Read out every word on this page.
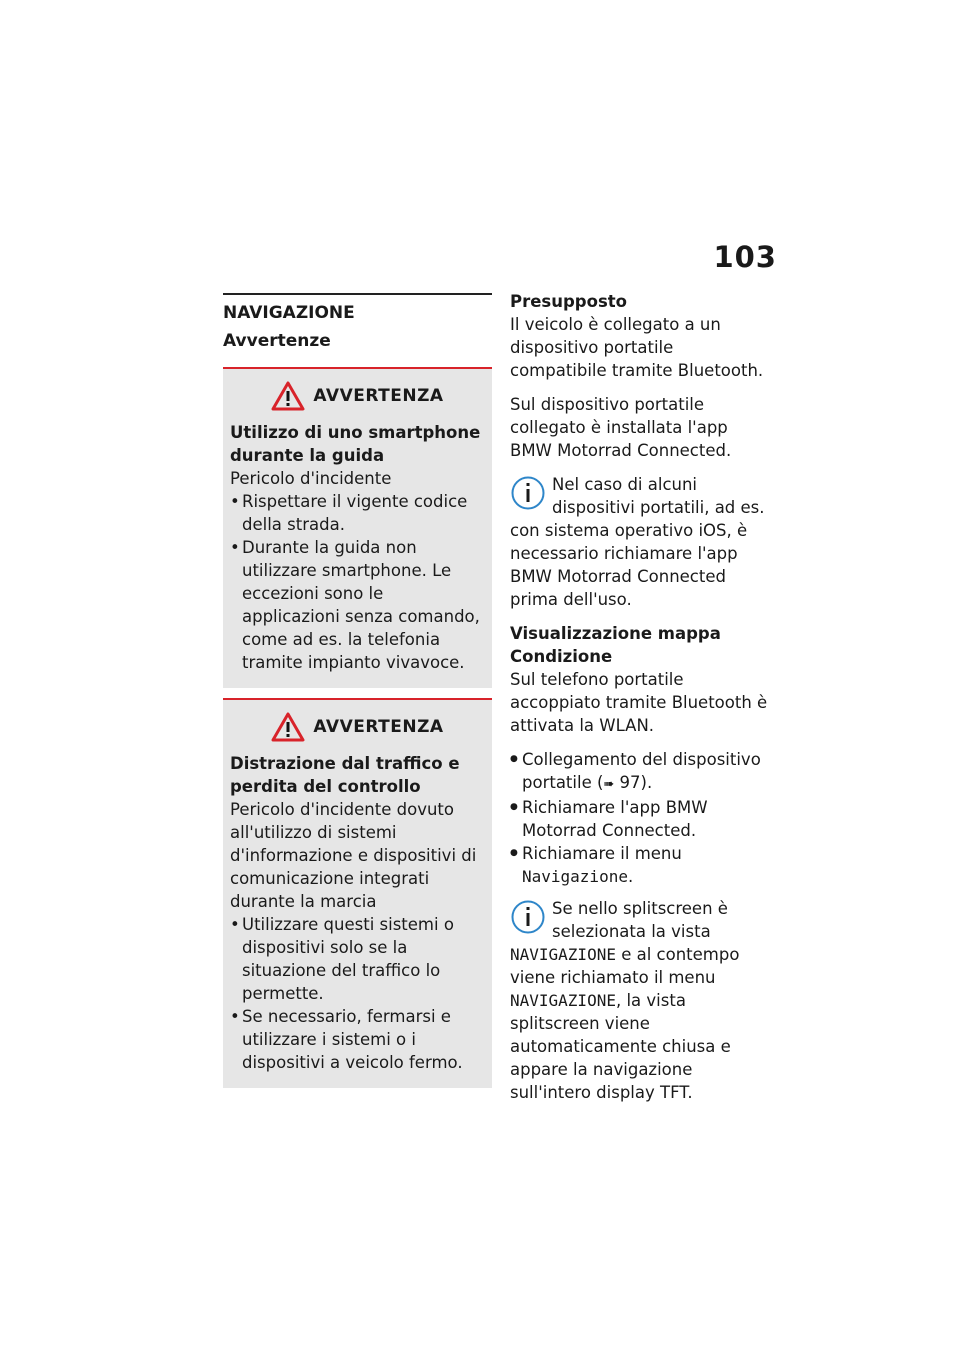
103
NAVIGAZIONE
Avvertenze
AVVERTENZA
Utilizzo di uno smartphone durante la guida
Pericolo d'incidente
• Rispettare il vigente codice della strada.
• Durante la guida non utilizzare smartphone. Le eccezioni sono le applicazioni senza comando, come ad es. la telefonia tramite impianto vivavoce.
AVVERTENZA
Distrazione dal traffico e perdita del controllo
Pericolo d'incidente dovuto all'utilizzo di sistemi d'informazione e dispositivi di comunicazione integrati durante la marcia
• Utilizzare questi sistemi o dispositivi solo se la situazione del traffico lo permette.
• Se necessario, fermarsi e utilizzare i sistemi o i dispositivi a veicolo fermo.
Presupposto
Il veicolo è collegato a un dispositivo portatile compatibile tramite Bluetooth.
Sul dispositivo portatile collegato è installata l'app BMW Motorrad Connected.
Nel caso di alcuni dispositivi portatili, ad es.
con sistema operativo iOS, è necessario richiamare l'app BMW Motorrad Connected prima dell'uso.
Visualizzazione mappa
Condizione
Sul telefono portatile accoppiato tramite Bluetooth è attivata la WLAN.
● Collegamento del dispositivo portatile (➠ 97).
● Richiamare l'app BMW Motorrad Connected.
● Richiamare il menu Navigazione.
Se nello splitscreen è selezionata la vista
NAVIGAZIONE e al contempo viene richiamato il menu NAVIGAZIONE, la vista splitscreen viene automaticamente chiusa e appare la navigazione sull'intero display TFT.
